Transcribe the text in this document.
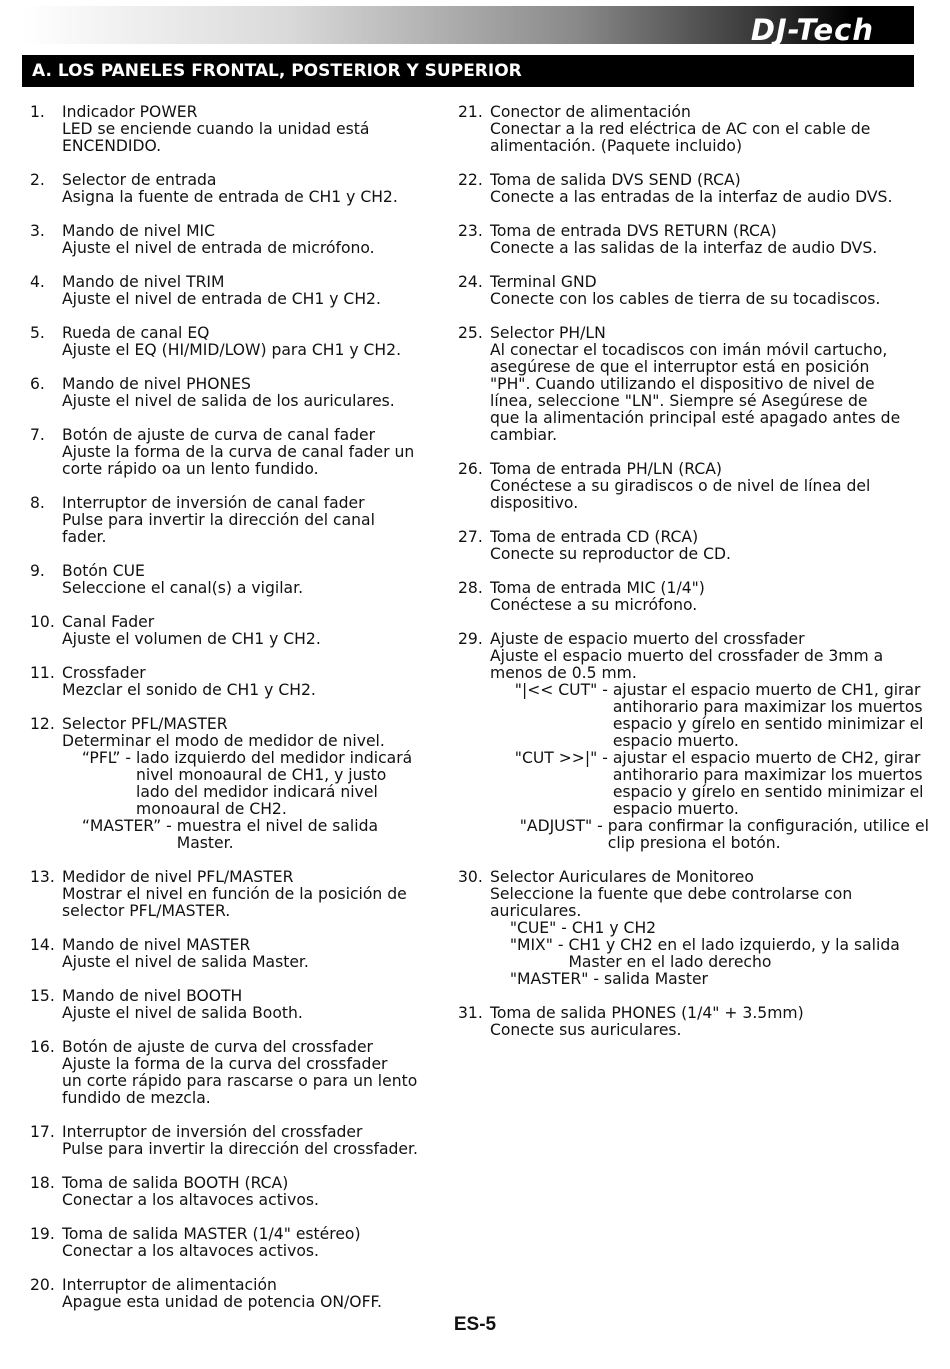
DJ-Tech
A. LOS PANELES FRONTAL, POSTERIOR Y SUPERIOR
1. Indicador POWER
LED se enciende cuando la unidad está
ENCENDIDO.
2. Selector de entrada
Asigna la fuente de entrada de CH1 y CH2.
3. Mando de nivel MIC
Ajuste el nivel de entrada de micrófono.
4. Mando de nivel TRIM
Ajuste el nivel de entrada de CH1 y CH2.
5. Rueda de canal EQ
Ajuste el EQ (HI/MID/LOW) para CH1 y CH2.
6. Mando de nivel PHONES
Ajuste el nivel de salida de los auriculares.
7. Botón de ajuste de curva de canal fader
Ajuste la forma de la curva de canal fader un
corte rápido oa un lento fundido.
8. Interruptor de inversión de canal fader
Pulse para invertir la dirección del canal
fader.
9. Botón CUE
Seleccione el canal(s) a vigilar.
10. Canal Fader
Ajuste el volumen de CH1 y CH2.
11. Crossfader
Mezclar el sonido de CH1 y CH2.
12. Selector PFL/MASTER
Determinar el modo de medidor de nivel.
“PFL” - lado izquierdo del medidor indicará
nivel monoaural de CH1, y justo
lado del medidor indicará nivel
monoaural de CH2.
“MASTER” - muestra el nivel de salida
Master.
13. Medidor de nivel PFL/MASTER
Mostrar el nivel en función de la posición de
selector PFL/MASTER.
14. Mando de nivel MASTER
Ajuste el nivel de salida Master.
15. Mando de nivel BOOTH
Ajuste el nivel de salida Booth.
16. Botón de ajuste de curva del crossfader
Ajuste la forma de la curva del crossfader
un corte rápido para rascarse o para un lento
fundido de mezcla.
17. Interruptor de inversión del crossfader
Pulse para invertir la dirección del crossfader.
18. Toma de salida BOOTH (RCA)
Conectar a los altavoces activos.
19. Toma de salida MASTER (1/4" estéreo)
Conectar a los altavoces activos.
20. Interruptor de alimentación
Apague esta unidad de potencia ON/OFF.
21. Conector de alimentación
Conectar a la red eléctrica de AC con el cable de
alimentación. (Paquete incluido)
22. Toma de salida DVS SEND (RCA)
Conecte a las entradas de la interfaz de audio DVS.
23. Toma de entrada DVS RETURN (RCA)
Conecte a las salidas de la interfaz de audio DVS.
24. Terminal GND
Conecte con los cables de tierra de su tocadiscos.
25. Selector PH/LN
Al conectar el tocadiscos con imán móvil cartucho,
asegúrese de que el interruptor está en posición
"PH". Cuando utilizando el dispositivo de nivel de
línea, seleccione "LN". Siempre sé Asegúrese de
que la alimentación principal esté apagado antes de
cambiar.
26. Toma de entrada PH/LN (RCA)
Conéctese a su giradiscos o de nivel de línea del
dispositivo.
27. Toma de entrada CD (RCA)
Conecte su reproductor de CD.
28. Toma de entrada MIC (1/4")
Conéctese a su micrófono.
29. Ajuste de espacio muerto del crossfader
Ajuste el espacio muerto del crossfader de 3mm a
menos de 0.5 mm.
"|<< CUT" - ajustar el espacio muerto de CH1, girar
antihorario para maximizar los muertos
espacio y gírelo en sentido minimizar el
espacio muerto.
"CUT >>|" - ajustar el espacio muerto de CH2, girar
antihorario para maximizar los muertos
espacio y gírelo en sentido minimizar el
espacio muerto.
"ADJUST" - para confirmar la configuración, utilice el
clip presiona el botón.
30. Selector Auriculares de Monitoreo
Seleccione la fuente que debe controlarse con
auriculares.
"CUE" - CH1 y CH2
"MIX" - CH1 y CH2 en el lado izquierdo, y la salida
Master en el lado derecho
"MASTER" - salida Master
31. Toma de salida PHONES (1/4" + 3.5mm)
Conecte sus auriculares.
ES-5
